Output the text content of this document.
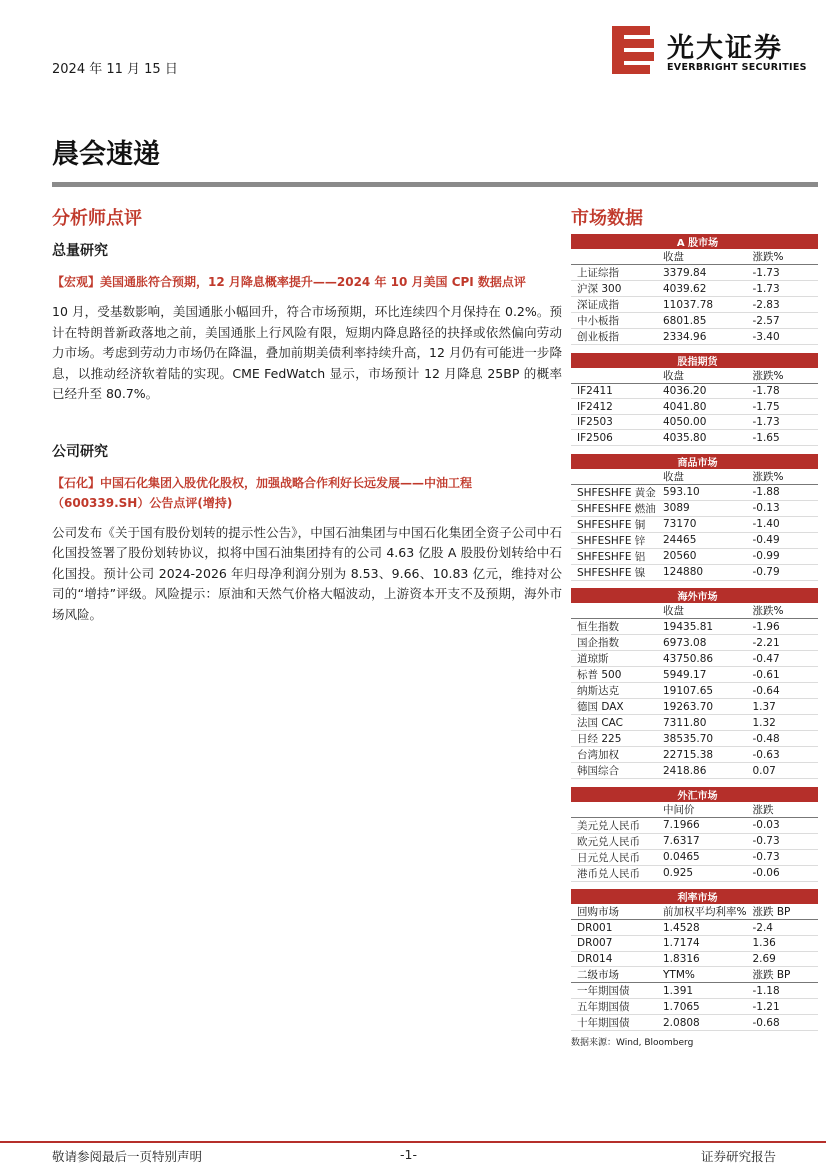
2024 年 11 月 15 日
光大证券
EVERBRIGHT SECURITIES
晨会速递
分析师点评
总量研究
【宏观】美国通胀符合预期，12 月降息概率提升——2024 年 10 月美国 CPI 数据点评
10 月，受基数影响，美国通胀小幅回升，符合市场预期，环比连续四个月保持在 0.2%。预计在特朗普新政落地之前，美国通胀上行风险有限，短期内降息路径的抉择或依然偏向劳动力市场。考虑到劳动力市场仍在降温，叠加前期美债利率持续升高，12 月仍有可能进一步降息，以推动经济软着陆的实现。CME FedWatch 显示，市场预计 12 月降息 25BP 的概率已经升至 80.7%。
公司研究
【石化】中国石化集团入股优化股权，加强战略合作利好长远发展——中油工程（600339.SH）公告点评(增持)
公司发布《关于国有股份划转的提示性公告》，中国石油集团与中国石化集团全资子公司中石化国投签署了股份划转协议，拟将中国石油集团持有的公司 4.63 亿股 A 股股份划转给中石化国投。预计公司 2024-2026 年归母净利润分别为 8.53、9.66、10.83 亿元，维持对公司的“增持”评级。风险提示：原油和天然气价格大幅波动，上游资本开支不及预期，海外市场风险。
市场数据
A 股市场		
	收盘	涨跌%
上证综指	3379.84	-1.73
沪深 300	4039.62	-1.73
深证成指	11037.78	-2.83
中小板指	6801.85	-2.57
创业板指	2334.96	-3.40

股指期货		
	收盘	涨跌%
IF2411	4036.20	-1.78
IF2412	4041.80	-1.75
IF2503	4050.00	-1.73
IF2506	4035.80	-1.65

商品市场		
	收盘	涨跌%
SHFESHFE 黄金	593.10	-1.88
SHFESHFE 燃油	3089	-0.13
SHFESHFE 铜	73170	-1.40
SHFESHFE 锌	24465	-0.49
SHFESHFE 铝	20560	-0.99
SHFESHFE 镍	124880	-0.79

海外市场		
	收盘	涨跌%
恒生指数	19435.81	-1.96
国企指数	6973.08	-2.21
道琼斯	43750.86	-0.47
标普 500	5949.17	-0.61
纳斯达克	19107.65	-0.64
德国 DAX	19263.70	1.37
法国 CAC	7311.80	1.32
日经 225	38535.70	-0.48
台湾加权	22715.38	-0.63
韩国综合	2418.86	0.07

外汇市场		
	中间价	涨跌
美元兑人民币	7.1966	-0.03
欧元兑人民币	7.6317	-0.73
日元兑人民币	0.0465	-0.73
港币兑人民币	0.925	-0.06

利率市场		
回购市场	前加权平均利率%	涨跌 BP
DR001	1.4528	-2.4
DR007	1.7174	1.36
DR014	1.8316	2.69
二级市场	YTM%	涨跌 BP
一年期国债	1.391	-1.18
五年期国债	1.7065	-1.21
十年期国债	2.0808	-0.68
数据来源：Wind, Bloomberg
敬请参阅最后一页特别声明	-1-	证券研究报告
